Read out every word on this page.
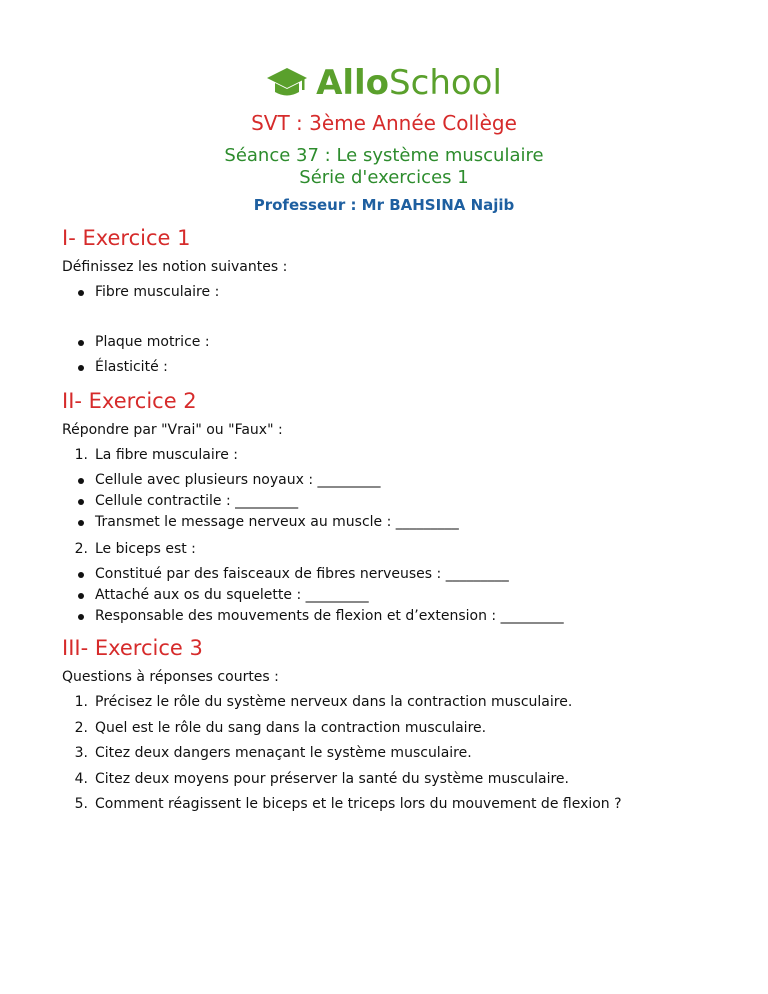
AlloSchool
SVT : 3ème Année Collège
Séance 37 : Le système musculaire
Série d'exercices 1
Professeur : Mr BAHSINA Najib
I- Exercice 1
Définissez les notion suivantes :
Fibre musculaire :
Plaque motrice :
Élasticité :
II- Exercice 2
Répondre par "Vrai" ou "Faux" :
1. La fibre musculaire :
Cellule avec plusieurs noyaux : _________
Cellule contractile : _________
Transmet le message nerveux au muscle : _________
2. Le biceps est :
Constitué par des faisceaux de fibres nerveuses : _________
Attaché aux os du squelette : _________
Responsable des mouvements de flexion et d’extension : _________
III- Exercice 3
Questions à réponses courtes :
1. Précisez le rôle du système nerveux dans la contraction musculaire.
2. Quel est le rôle du sang dans la contraction musculaire.
3. Citez deux dangers menaçant le système musculaire.
4. Citez deux moyens pour préserver la santé du système musculaire.
5. Comment réagissent le biceps et le triceps lors du mouvement de flexion ?
